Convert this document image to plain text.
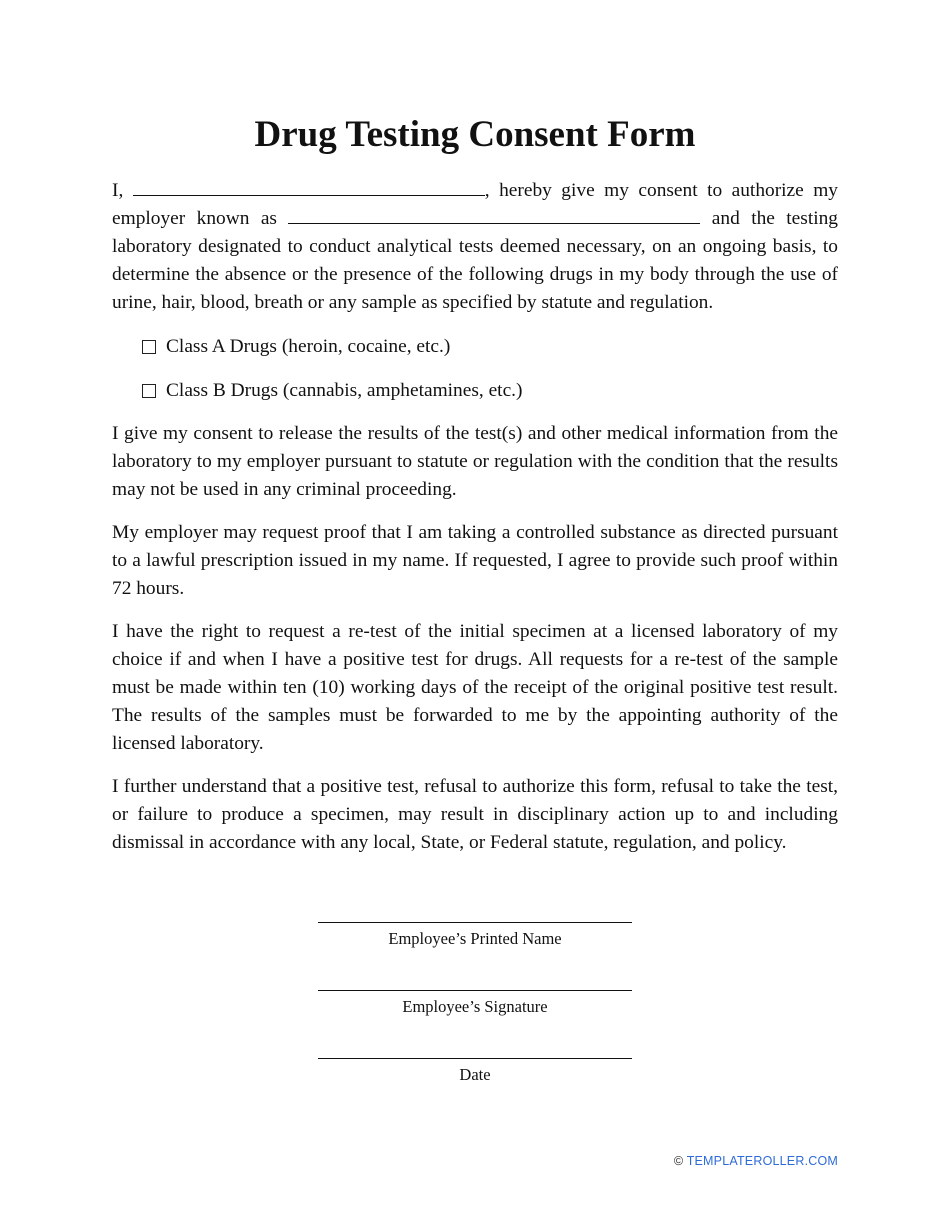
Drug Testing Consent Form

I,	, hereby give my consent to authorize my employer known as	and the testing laboratory designated to conduct analytical tests deemed necessary, on an ongoing basis, to determine the absence or the presence of the following drugs in my body through the use of urine, hair, blood, breath or any sample as specified by statute and regulation.

Class A Drugs (heroin, cocaine, etc.)
Class B Drugs (cannabis, amphetamines, etc.)

I give my consent to release the results of the test(s) and other medical information from the laboratory to my employer pursuant to statute or regulation with the condition that the results may not be used in any criminal proceeding.

My employer may request proof that I am taking a controlled substance as directed pursuant to a lawful prescription issued in my name. If requested, I agree to provide such proof within 72 hours.

I have the right to request a re-test of the initial specimen at a licensed laboratory of my choice if and when I have a positive test for drugs. All requests for a re-test of the sample must be made within ten (10) working days of the receipt of the original positive test result. The results of the samples must be forwarded to me by the appointing authority of the licensed laboratory.

I further understand that a positive test, refusal to authorize this form, refusal to take the test, or failure to produce a specimen, may result in disciplinary action up to and including dismissal in accordance with any local, State, or Federal statute, regulation, and policy.

Employee’s Printed Name
Employee’s Signature
Date
© TEMPLATEROLLER.COM
